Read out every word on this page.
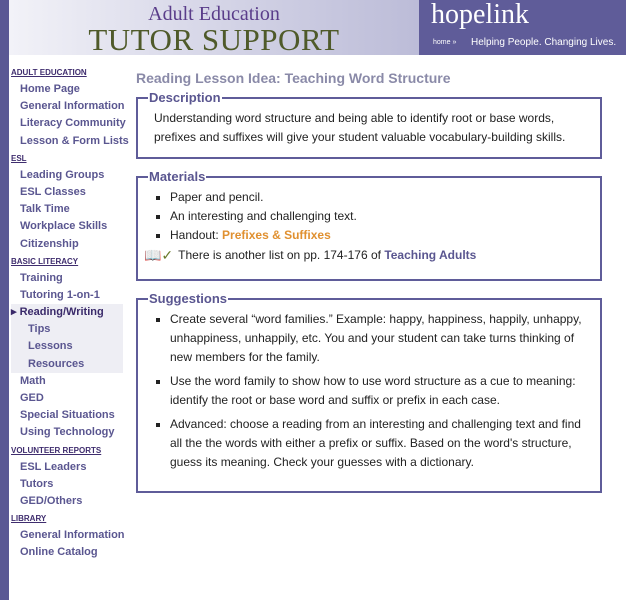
Adult Education
TUTOR SUPPORT
hopelink
home » Helping People. Changing Lives.
ADULT EDUCATION
Home Page
General Information
Literacy Community
Lesson & Form Lists
ESL
Leading Groups
ESL Classes
Talk Time
Workplace Skills
Citizenship
BASIC LITERACY
Training
Tutoring 1-on-1
▸ Reading/Writing
Tips
Lessons
Resources
Math
GED
Special Situations
Using Technology
VOLUNTEER REPORTS
ESL Leaders
Tutors
GED/Others
LIBRARY
General Information
Online Catalog
Reading Lesson Idea: Teaching Word Structure
Description

Understanding word structure and being able to identify root or base words, prefixes and suffixes will give your student valuable vocabulary-building skills.

Materials
▪ Paper and pencil.
▪ An interesting and challenging text.
▪ Handout: Prefixes & Suffixes
📖✓ There is another list on pp. 174-176 of
Teaching Adults
Suggestions
▪ Create several “word families.” Example: happy, happiness, happily, unhappy, unhappiness, unhappily, etc. You and your student can take turns thinking of new members for the family.
▪ Use the word family to show how to use word structure as a cue to meaning: identify the root or base word and suffix or prefix in each case.
▪ Advanced: choose a reading from an interesting and challenging text and find all the the words with either a prefix or suffix. Based on the word's structure, guess its meaning. Check your guesses with a dictionary.
